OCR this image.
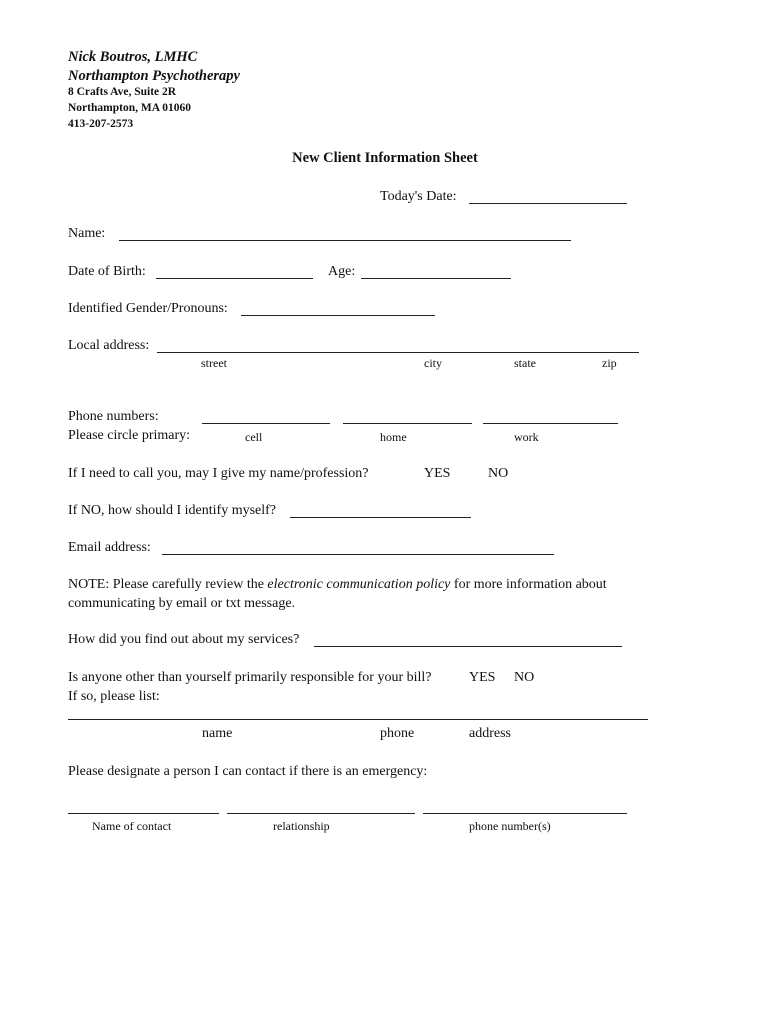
Nick Boutros, LMHC
Northampton Psychotherapy
8 Crafts Ave, Suite 2R
Northampton, MA 01060
413-207-2573
New Client Information Sheet
Today's Date:
Name:
Date of Birth:	Age:
Identified Gender/Pronouns:
Local address:
street	city	state	zip
Phone numbers:
Please circle primary:	cell	home	work
If I need to call you, may I give my name/profession?	YES	NO
If NO, how should I identify myself?
Email address:
NOTE: Please carefully review the electronic communication policy for more information about
communicating by email or txt message.
How did you find out about my services?
Is anyone other than yourself primarily responsible for your bill?	YES NO
If so, please list:
name	phone	address
Please designate a person I can contact if there is an emergency:
Name of contact	relationship	phone number(s)
